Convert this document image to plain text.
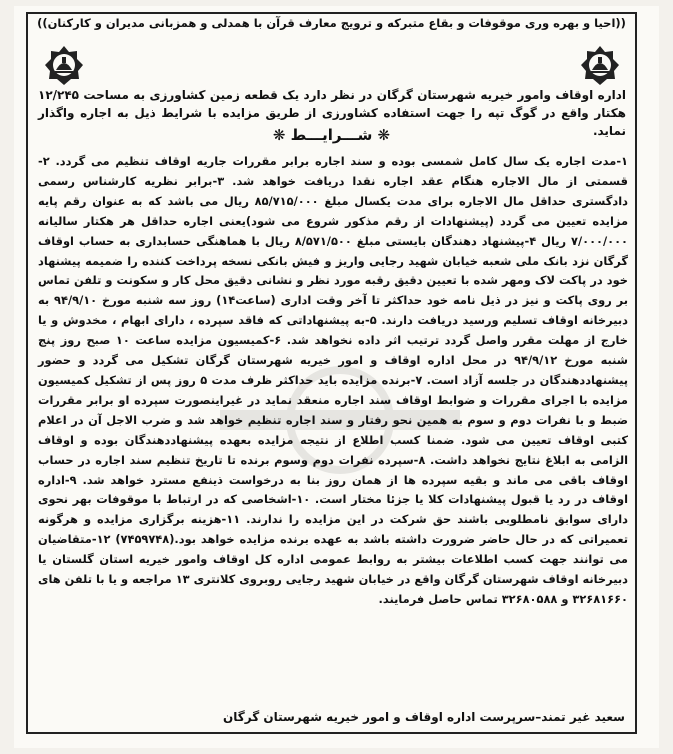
((احیا و بهره وری موقوفات و بقاع متبرکه و ترویج معارف قرآن با همدلی و همزبانی مدیران و کارکنان))
اداره اوقاف وامور خیریه شهرستان گرگان در نظر دارد یک قطعه زمین کشاورزی به مساحت ۱۲/۲۴۵ هکتار واقع در گوگ تپه را جهت استفاده کشاورزی از طریق مزایده با شرایط ذیل به اجاره واگذار نماید.
❋ شـــرایـــط ❋

۱-مدت اجاره یک سال کامل شمسی بوده و سند اجاره برابر مقررات جاریه اوقاف تنظیم می گردد. ۲-قسمتی از مال الاجاره هنگام عقد اجاره نقدا دریافت خواهد شد. ۳-برابر نظریه کارشناس رسمی دادگستری حداقل مال الاجاره برای مدت یکسال مبلغ ۸۵/۷۱۵/۰۰۰ ریال می باشد که به عنوان رقم پایه مزایده تعیین می گردد (پیشنهادات از رقم مذکور شروع می شود)یعنی اجاره حداقل هر هکتار سالیانه ۷/۰۰۰/۰۰۰ ریال ۴-پیشنهاد دهندگان بایستی مبلغ ۸/۵۷۱/۵۰۰ ریال با هماهنگی حسابداری به حساب اوقاف گرگان نزد بانک ملی شعبه خیابان شهید رجایی واریز و فیش بانکی نسخه پرداخت کننده را ضمیمه پیشنهاد خود در پاکت لاک ومهر شده با تعیین دقیق رقبه مورد نظر و نشانی دقیق محل کار و سکونت و تلفن تماس بر روی پاکت و نیز در ذیل نامه خود حداکثر تا آخر وقت اداری (ساعت۱۴) روز سه شنبه مورخ ۹۴/۹/۱۰ به دبیرخانه اوقاف تسلیم ورسید دریافت دارند. ۵-به پیشنهاداتی که فاقد سپرده ، دارای ابهام ، مخدوش و یا خارج از مهلت مقرر واصل گردد ترتیب اثر داده نخواهد شد. ۶-کمیسیون مزایده ساعت ۱۰ صبح روز پنج شنبه مورخ ۹۴/۹/۱۲ در محل اداره اوقاف و امور خیریه شهرستان گرگان تشکیل می گردد و حضور پیشنهاددهندگان در جلسه آزاد است. ۷-برنده مزایده باید حداکثر ظرف مدت ۵ روز پس از تشکیل کمیسیون مزایده با اجرای مقررات و ضوابط اوقاف سند اجاره منعقد نماید در غیراینصورت سپرده او برابر مقررات ضبط و با نفرات دوم و سوم به همین نحو رفتار و سند اجاره تنظیم خواهد شد و ضرب الاجل آن در اعلام کتبی اوقاف تعیین می شود. ضمنا کسب اطلاع از نتیجه مزایده بعهده پیشنهاددهندگان بوده و اوقاف الزامی به ابلاغ نتایج نخواهد داشت. ۸-سپرده نفرات دوم وسوم برنده تا تاریخ تنظیم سند اجاره در حساب اوقاف باقی می ماند و بقیه سپرده ها از همان روز بنا به درخواست ذینفع مسترد خواهد شد. ۹-اداره اوقاف در رد یا قبول پیشنهادات کلا یا جزئا مختار است. ۱۰-اشخاصی که در ارتباط با موقوفات بهر نحوی دارای سوابق نامطلوبی باشند حق شرکت در این مزایده را ندارند. ۱۱-هزینه برگزاری مزایده و هرگونه تعمیراتی که در حال حاضر ضرورت داشته باشد به عهده برنده مزایده خواهد بود.(۷۴۵۹۷۴۸) ۱۲-متقاضیان می توانند جهت کسب اطلاعات بیشتر به روابط عمومی اداره کل اوقاف وامور خیریه استان گلستان یا دبیرخانه اوقاف شهرستان گرگان واقع در خیابان شهید رجایی روبروی کلانتری ۱۳ مراجعه و یا با تلفن های ۳۲۶۸۱۶۶۰ و ۳۲۶۸۰۵۸۸ تماس حاصل فرمایند.

سعید غیر تمند–سرپرست اداره اوقاف و امور خیریه شهرستان گرگان
